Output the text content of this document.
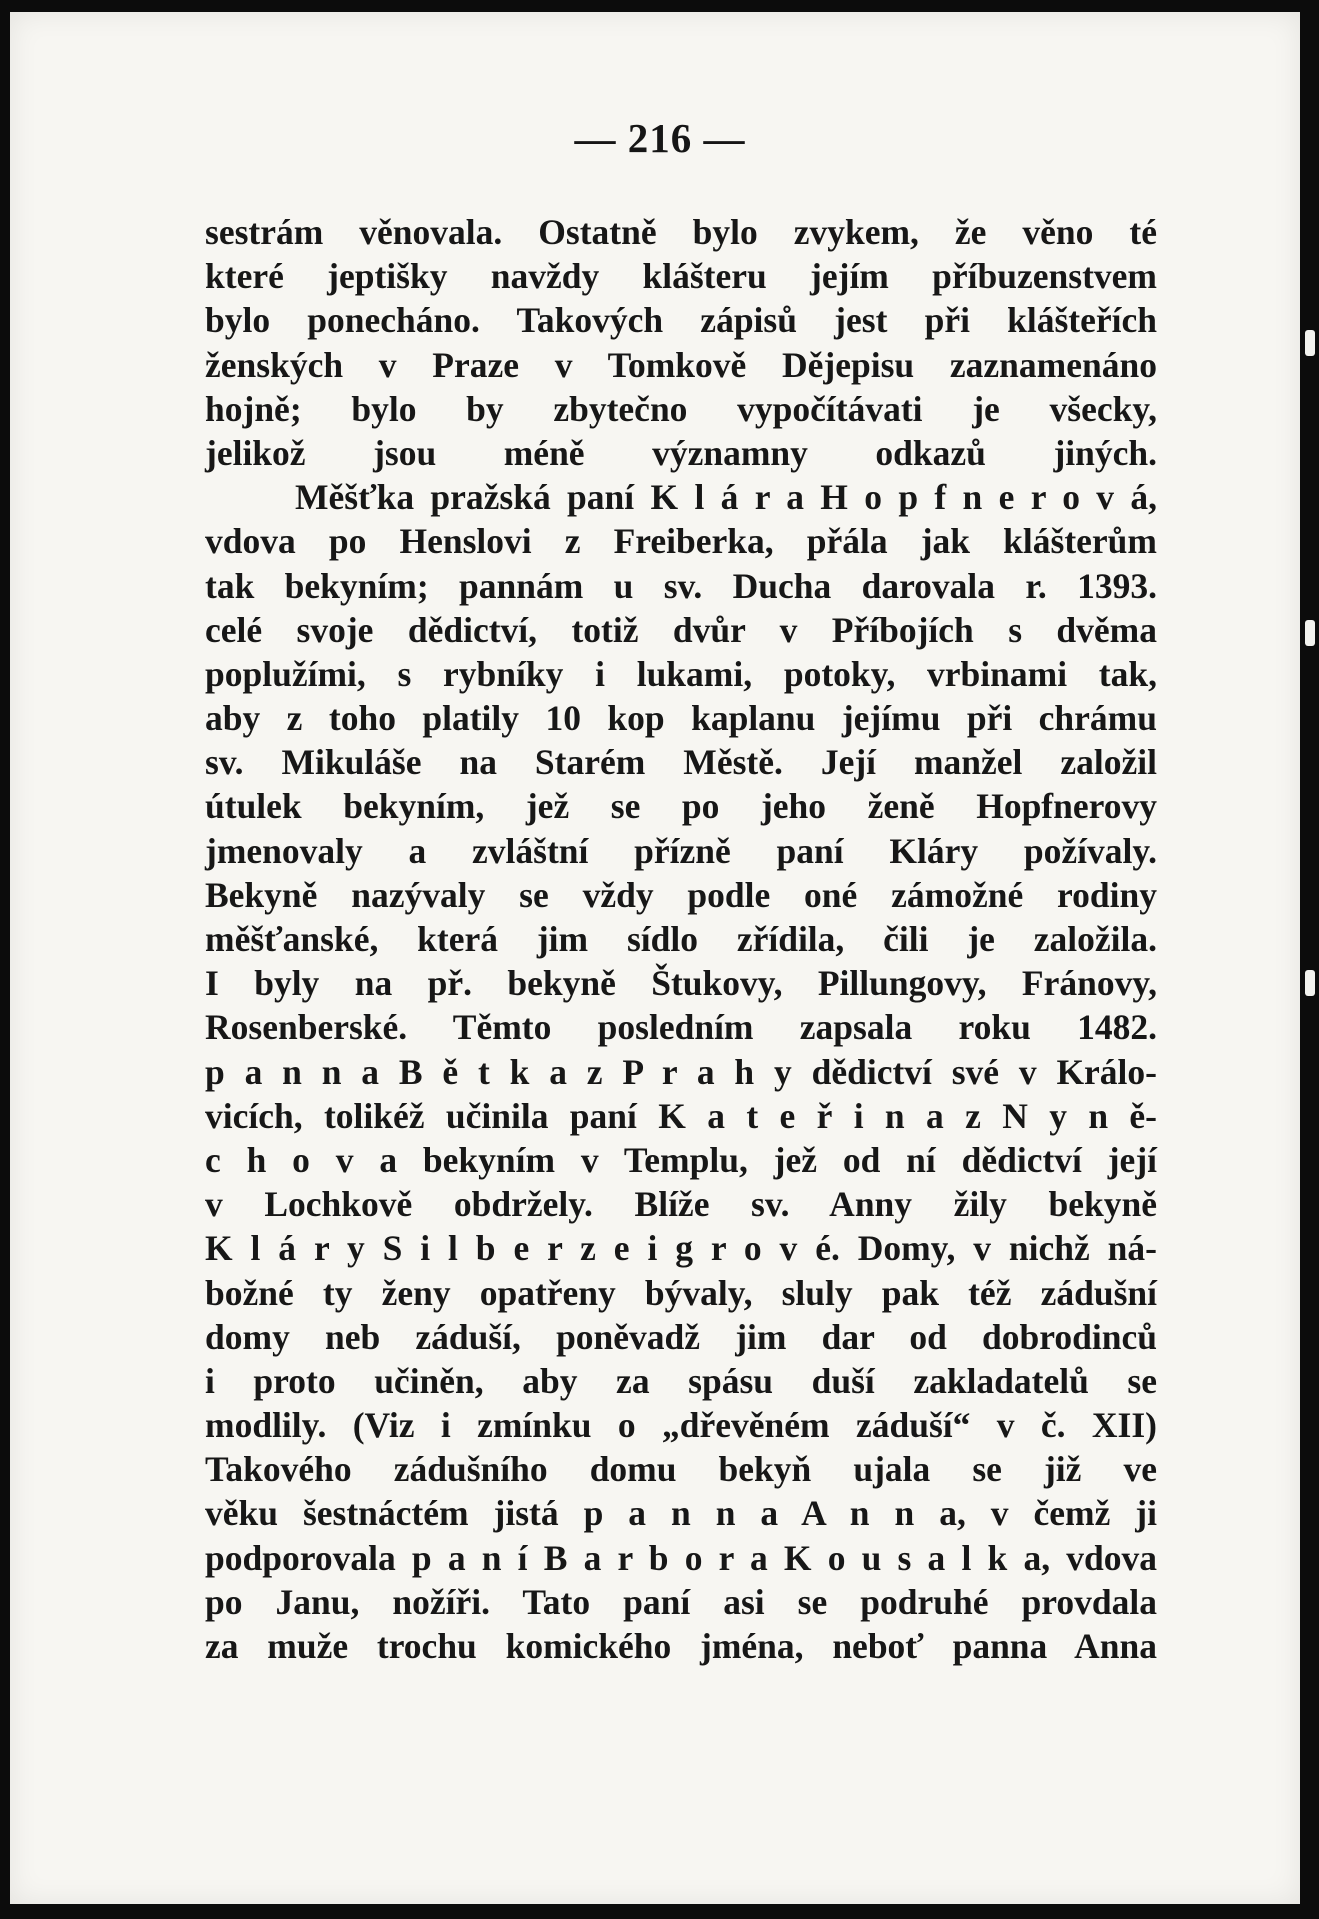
— 216 —
sestrám věnovala. Ostatně bylo zvykem, že věno té
které jeptišky navždy klášteru jejím příbuzenstvem
bylo ponecháno. Takových zápisů jest při klášteřích
ženských v Praze v Tomkově Dějepisu zaznamenáno
hojně; bylo by zbytečno vypočítávati je všecky,
jelikož jsou méně významny odkazů jiných.
Měšťka pražská paní K l á r a H o p f n e r o v á,
vdova po Henslovi z Freiberka, přála jak klášterům
tak bekyním; pannám u sv. Ducha darovala r. 1393.
celé svoje dědictví, totiž dvůr v Příbojích s dvěma
poplužími, s rybníky i lukami, potoky, vrbinami tak,
aby z toho platily 10 kop kaplanu jejímu při chrámu
sv. Mikuláše na Starém Městě. Její manžel založil
útulek bekyním, jež se po jeho ženě Hopfnerovy
jmenovaly a zvláštní přízně paní Kláry požívaly.
Bekyně nazývaly se vždy podle oné zámožné rodiny
měšťanské, která jim sídlo zřídila, čili je založila.
I byly na př. bekyně Štukovy, Pillungovy, Fránovy,
Rosenberské. Těmto posledním zapsala roku 1482.
p a n n a B ě t k a z P r a h y dědictví své v Králo-
vicích, tolikéž učinila paní K a t e ř i n a z N y n ě-
c h o v a bekyním v Templu, jež od ní dědictví její
v Lochkově obdržely. Blíže sv. Anny žily bekyně
K l á r y S i l b e r z e i g r o v é. Domy, v nichž ná-
božné ty ženy opatřeny bývaly, sluly pak též zádušní
domy neb záduší, poněvadž jim dar od dobrodinců
i proto učiněn, aby za spásu duší zakladatelů se
modlily. (Viz i zmínku o „dřevěném záduší“ v č. XII)
Takového zádušního domu bekyň ujala se již ve
věku šestnáctém jistá p a n n a A n n a, v čemž ji
podporovala p a n í B a r b o r a K o u s a l k a, vdova
po Janu, nožíři. Tato paní asi se podruhé provdala
za muže trochu komického jména, neboť panna Anna
